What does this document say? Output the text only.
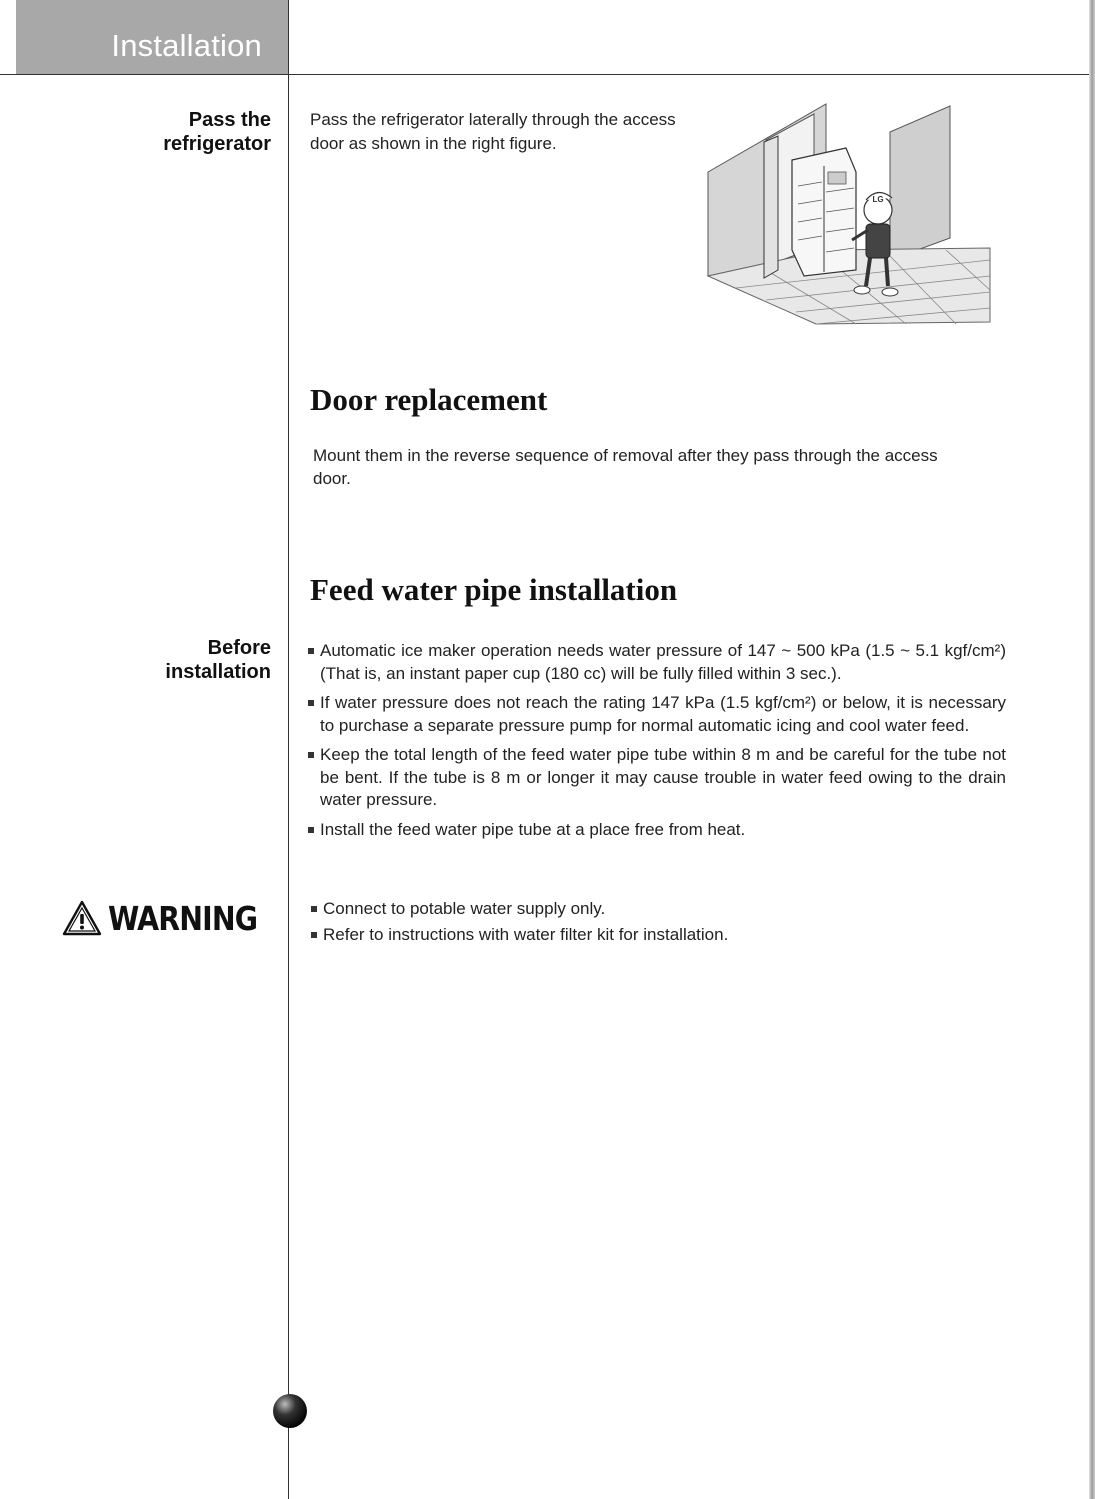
Installation
Pass the
refrigerator
Pass the refrigerator laterally through the access
door as shown in the right figure.
LG
Door replacement
Mount them in the reverse sequence of removal after they pass through the access
door.
Feed water pipe installation
Before
installation
Automatic ice maker operation needs water pressure of 147 ~ 500 kPa (1.5 ~ 5.1 kgf/cm²) (That is, an instant paper cup (180 cc) will be fully filled within 3 sec.).
If water pressure does not reach the rating 147 kPa (1.5 kgf/cm²) or below, it is necessary to purchase a separate pressure pump for normal automatic icing and cool water feed.
Keep the total length of the feed water pipe tube within 8 m and be careful for the tube not be bent. If the tube is 8 m or longer it may cause trouble in water feed owing to the drain water pressure.
Install the feed water pipe tube at a place free from heat.
WARNING	Connect to potable water supply only.
Refer to instructions with water filter kit for installation.
